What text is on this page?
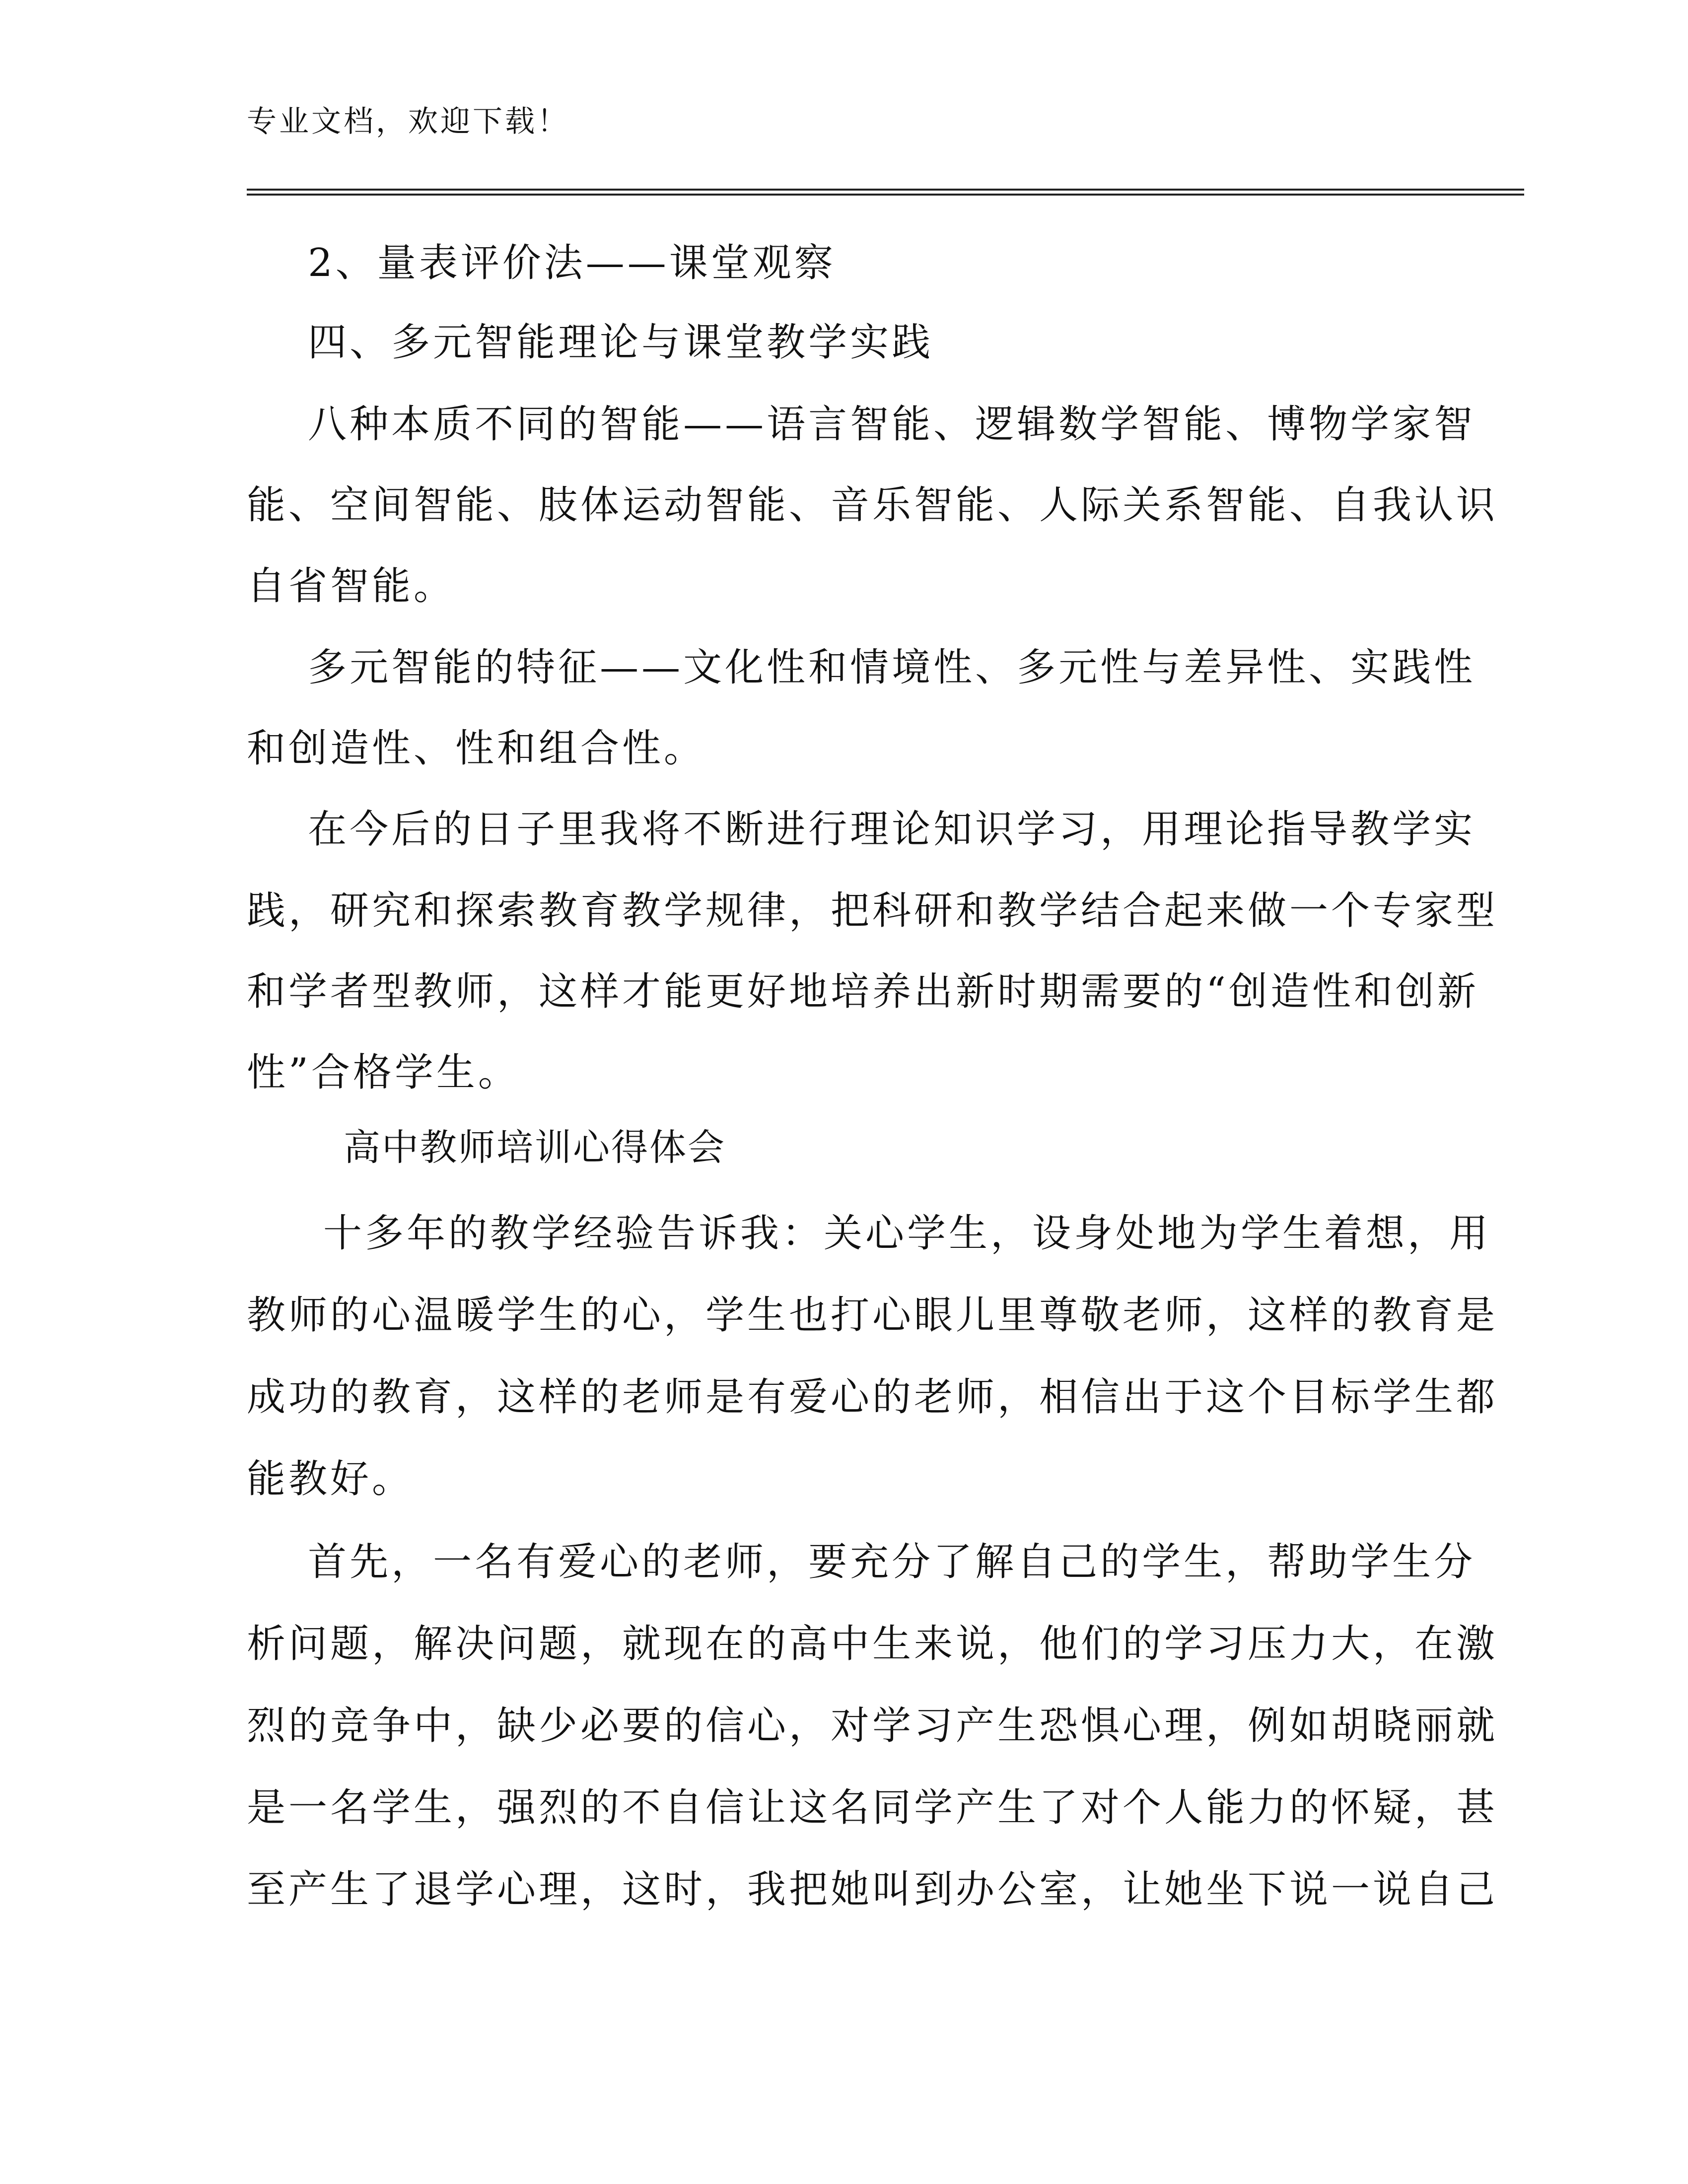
专业文档，欢迎下载！
2、量表评价法——课堂观察
四、多元智能理论与课堂教学实践
八种本质不同的智能——语言智能、逻辑数学智能、博物学家智
能、空间智能、肢体运动智能、音乐智能、人际关系智能、自我认识
自省智能。
多元智能的特征——文化性和情境性、多元性与差异性、实践性
和创造性、性和组合性。
在今后的日子里我将不断进行理论知识学习，用理论指导教学实
践，研究和探索教育教学规律，把科研和教学结合起来做一个专家型
和学者型教师，这样才能更好地培养出新时期需要的“创造性和创新
性”合格学生。
高中教师培训心得体会
十多年的教学经验告诉我：关心学生，设身处地为学生着想，用
教师的心温暖学生的心，学生也打心眼儿里尊敬老师，这样的教育是
成功的教育，这样的老师是有爱心的老师，相信出于这个目标学生都
能教好。
首先，一名有爱心的老师，要充分了解自己的学生，帮助学生分
析问题，解决问题，就现在的高中生来说，他们的学习压力大，在激
烈的竞争中，缺少必要的信心，对学习产生恐惧心理，例如胡晓丽就
是一名学生，强烈的不自信让这名同学产生了对个人能力的怀疑，甚
至产生了退学心理，这时，我把她叫到办公室，让她坐下说一说自己
